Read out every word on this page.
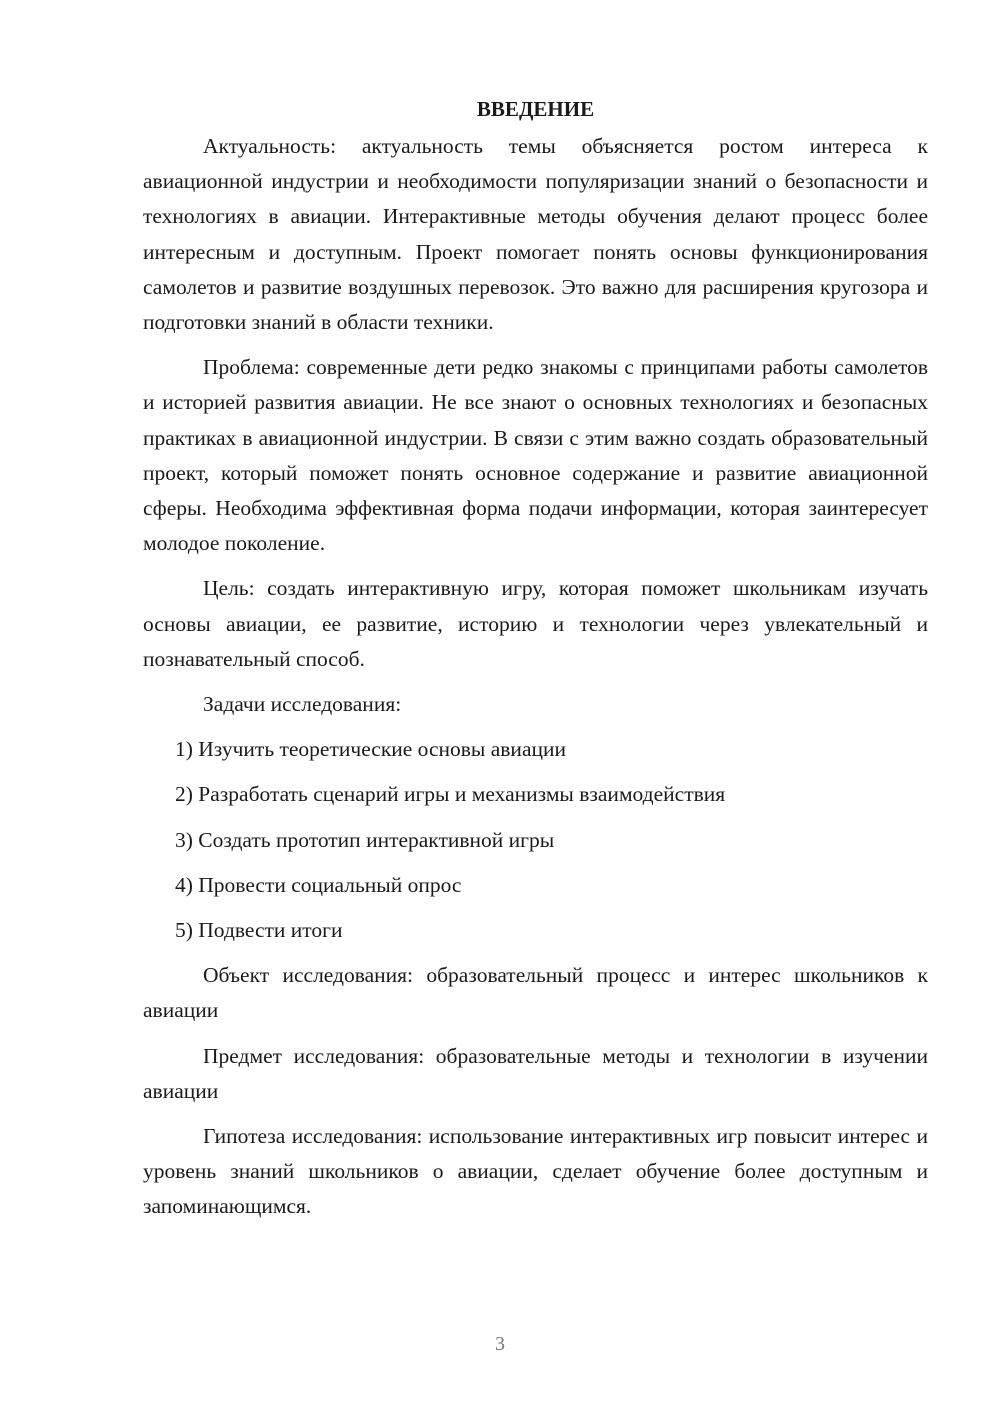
ВВЕДЕНИЕ

Актуальность: актуальность темы объясняется ростом интереса к авиационной индустрии и необходимости популяризации знаний о безопасности и технологиях в авиации. Интерактивные методы обучения делают процесс более интересным и доступным. Проект помогает понять основы функционирования самолетов и развитие воздушных перевозок. Это важно для расширения кругозора и подготовки знаний в области техники.

Проблема: современные дети редко знакомы с принципами работы самолетов и историей развития авиации. Не все знают о основных технологиях и безопасных практиках в авиационной индустрии. В связи с этим важно создать образовательный проект, который поможет понять основное содержание и развитие авиационной сферы. Необходима эффективная форма подачи информации, которая заинтересует молодое поколение.

Цель: создать интерактивную игру, которая поможет школьникам изучать основы авиации, ее развитие, историю и технологии через увлекательный и познавательный способ.

Задачи исследования:

1) Изучить теоретические основы авиации
2) Разработать сценарий игры и механизмы взаимодействия
3) Создать прототип интерактивной игры
4) Провести социальный опрос
5) Подвести итоги

Объект исследования: образовательный процесс и интерес школьников к авиации

Предмет исследования: образовательные методы и технологии в изучении авиации

Гипотеза исследования: использование интерактивных игр повысит интерес и уровень знаний школьников о авиации, сделает обучение более доступным и запоминающимся.

3
